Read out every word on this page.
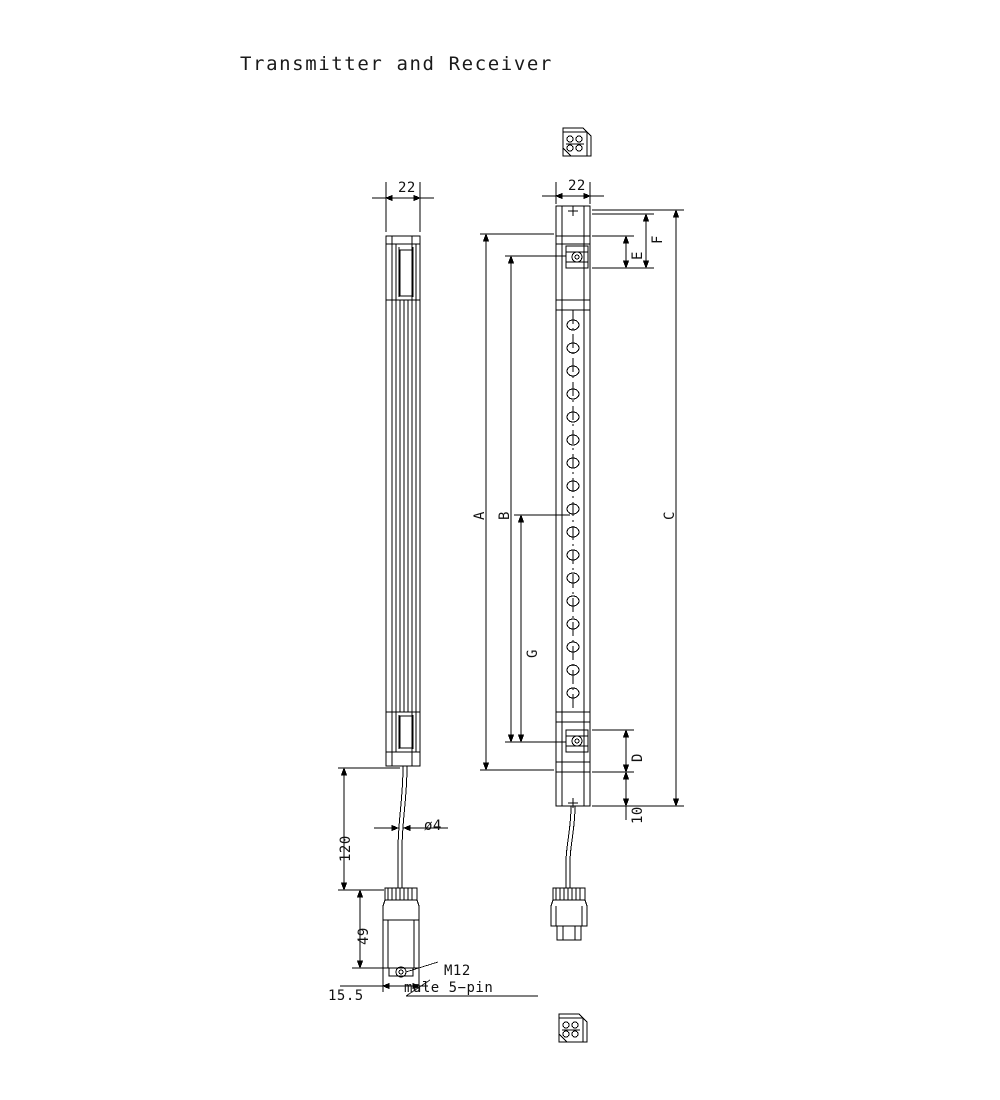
Transmitter and Receiver
22	22
A B
G
C
F
E
D
10
ø4
120
49
15.5
M12
male 5−pin
